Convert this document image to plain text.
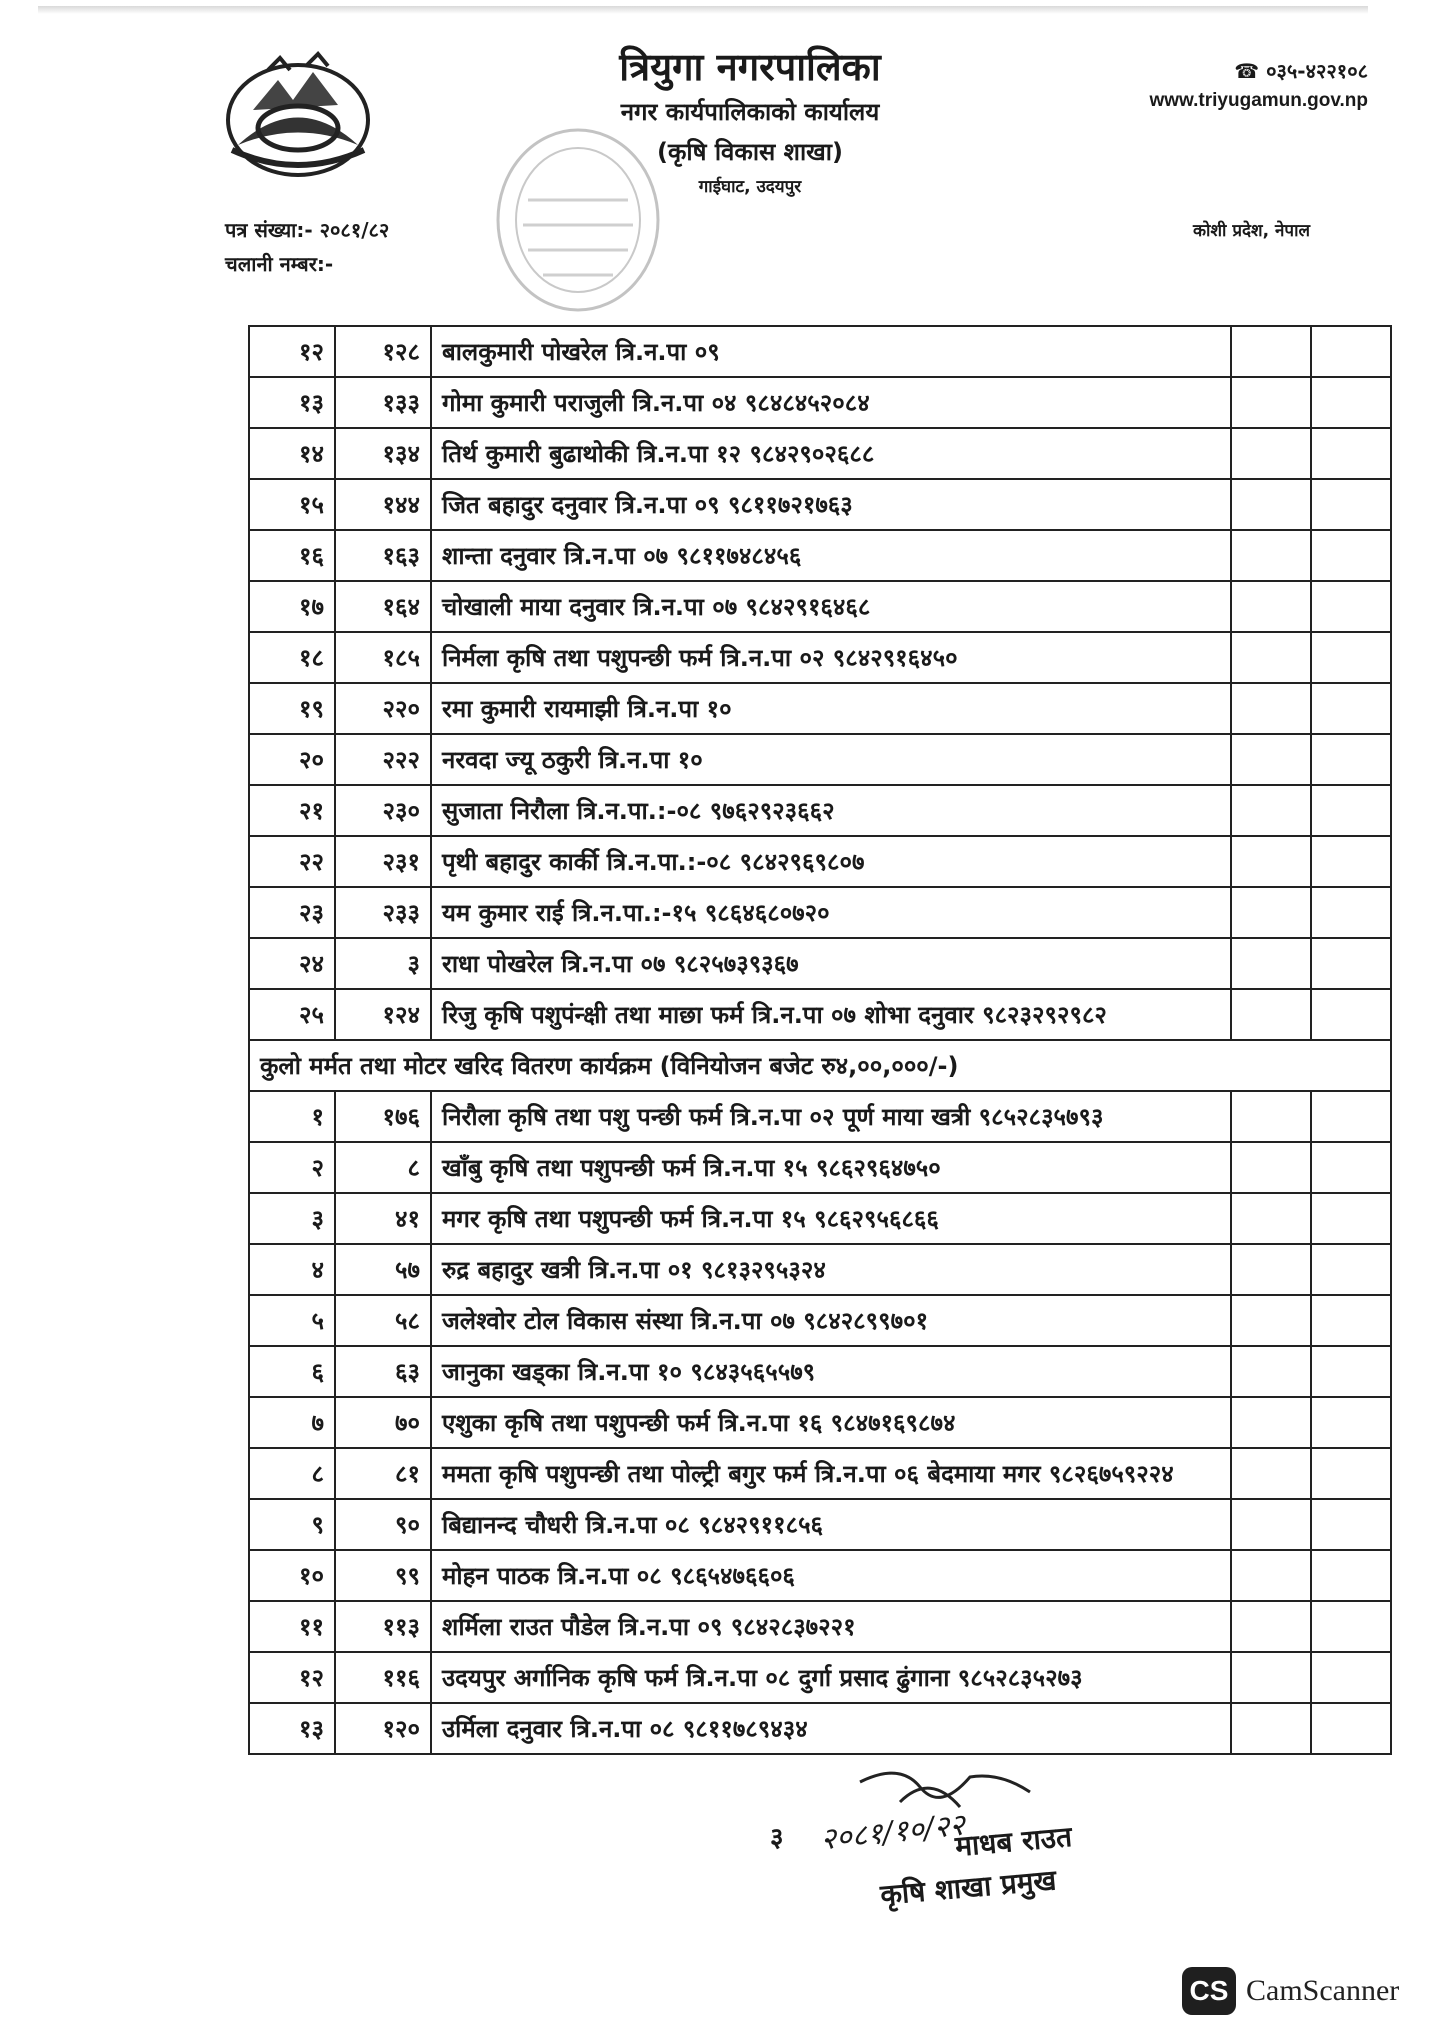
त्रियुगा नगरपालिका
नगर कार्यपालिकाको कार्यालय
(कृषि विकास शाखा)
गाईघाट, उदयपुर
☎ ०३५-४२२१०८
www.triyugamun.gov.np
कोशी प्रदेश, नेपाल
पत्र संख्या:- २०८१/८२
चलानी नम्बर:-
१२	१२८	बालकुमारी पोखरेल त्रि.न.पा ०९		
१३	१३३	गोमा कुमारी पराजुली त्रि.न.पा ०४ ९८४८४५२०८४		
१४	१३४	तिर्थ कुमारी बुढाथोकी त्रि.न.पा १२ ९८४२९०२६८८		
१५	१४४	जित बहादुर दनुवार त्रि.न.पा ०९ ९८११७२१७६३		
१६	१६३	शान्ता दनुवार त्रि.न.पा ०७ ९८११७४८४५६		
१७	१६४	चोखाली माया दनुवार त्रि.न.पा ०७ ९८४२९१६४६८		
१८	१८५	निर्मला कृषि तथा पशुपन्छी फर्म त्रि.न.पा ०२ ९८४२९१६४५०		
१९	२२०	रमा कुमारी रायमाझी त्रि.न.पा १०		
२०	२२२	नरवदा ज्यू ठकुरी त्रि.न.पा १०		
२१	२३०	सुजाता निरौला त्रि.न.पा.:-०८ ९७६२९२३६६२		
२२	२३१	पृथी बहादुर कार्की त्रि.न.पा.:-०८ ९८४२९६९८०७		
२३	२३३	यम कुमार राई त्रि.न.पा.:-१५ ९८६४६८०७२०		
२४	३	राधा पोखरेल त्रि.न.पा ०७ ९८२५७३९३६७		
२५	१२४	रिजु कृषि पशुपंन्क्षी तथा माछा फर्म त्रि.न.पा ०७ शोभा दनुवार ९८२३२९२९८२		
कुलो मर्मत तथा मोटर खरिद वितरण कार्यक्रम (विनियोजन बजेट रु४,००,०००/-)				
१	१७६	निरौला कृषि तथा पशु पन्छी फर्म त्रि.न.पा ०२ पूर्ण माया खत्री ९८५२८३५७९३		
२	८	खाँबु कृषि तथा पशुपन्छी फर्म त्रि.न.पा १५ ९८६२९६४७५०		
३	४१	मगर कृषि तथा पशुपन्छी फर्म त्रि.न.पा १५ ९८६२९५६८६६		
४	५७	रुद्र बहादुर खत्री त्रि.न.पा ०१ ९८१३२९५३२४		
५	५८	जलेश्वोर टोल विकास संस्था त्रि.न.पा ०७ ९८४२८९९७०१		
६	६३	जानुका खड्का त्रि.न.पा १० ९८४३५६५५७९		
७	७०	एशुका कृषि तथा पशुपन्छी फर्म त्रि.न.पा १६ ९८४७१६९८७४		
८	८१	ममता कृषि पशुपन्छी तथा पोल्ट्री बगुर फर्म त्रि.न.पा ०६ बेदमाया मगर ९८२६७५९२२४		
९	९०	बिद्यानन्द चौधरी त्रि.न.पा ०८ ९८४२९११८५६		
१०	९९	मोहन पाठक त्रि.न.पा ०८ ९८६५४७६६०६		
११	११३	शर्मिला राउत पौडेल त्रि.न.पा ०९ ९८४२८३७२२१		
१२	११६	उदयपुर अर्गानिक कृषि फर्म त्रि.न.पा ०८ दुर्गा प्रसाद ढुंगाना ९८५२८३५२७३		
१३	१२०	उर्मिला दनुवार त्रि.न.पा ०८ ९८११७८९४३४		
३ २०८१/१०/२२
माधब राउत
कृषि शाखा प्रमुख
CS CamScanner
